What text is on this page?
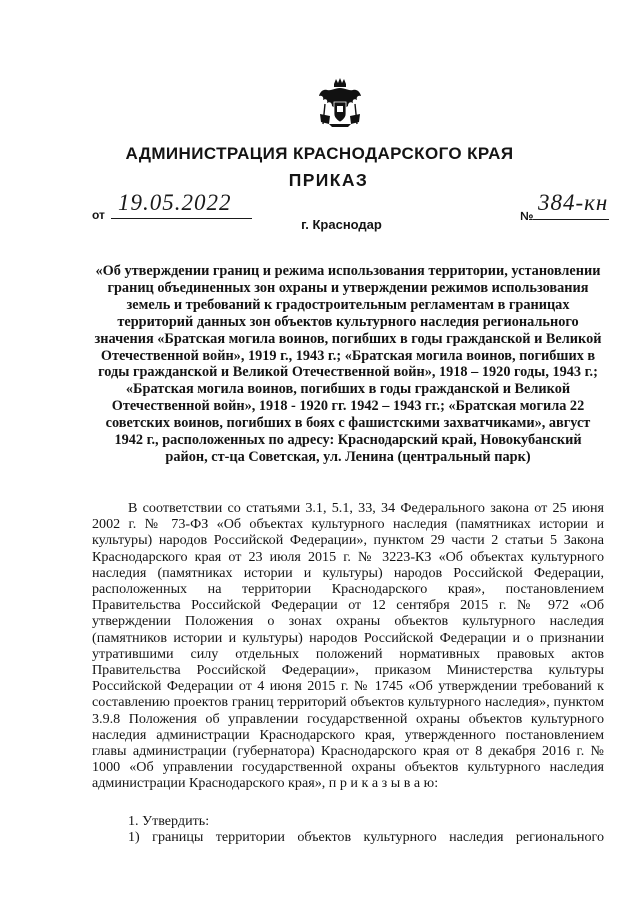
АДМИНИСТРАЦИЯ КРАСНОДАРСКОГО КРАЯ
ПРИКАЗ
от 19.05.2022
г. Краснодар
№
384-кн
«Об утверждении границ и режима использования территории, установлении границ объединенных зон охраны и утверждении режимов использования земель и требований к градостроительным регламентам в границах территорий данных зон объектов культурного наследия регионального значения «Братская могила воинов, погибших в годы гражданской и Великой Отечественной войн», 1919 г., 1943 г.; «Братская могила воинов, погибших в годы гражданской и Великой Отечественной войн», 1918 – 1920 годы, 1943 г.; «Братская могила воинов, погибших в годы гражданской и Великой Отечественной войн», 1918 - 1920 гг. 1942 – 1943 гг.; «Братская могила 22 советских воинов, погибших в боях с фашистскими захватчиками», август 1942 г., расположенных по адресу: Краснодарский край, Новокубанский район, ст-ца Советская, ул. Ленина (центральный парк)

В соответствии со статьями 3.1, 5.1, 33, 34 Федерального закона от 25 июня 2002 г. № 73-ФЗ «Об объектах культурного наследия (памятниках истории и культуры) народов Российской Федерации», пунктом 29 части 2 статьи 5 Закона Краснодарского края от 23 июля 2015 г. № 3223-КЗ «Об объектах культурного наследия (памятниках истории и культуры) народов Российской Федерации, расположенных на территории Краснодарского края», постановлением Правительства Российской Федерации от 12 сентября 2015 г. № 972 «Об утверждении Положения о зонах охраны объектов культурного наследия (памятников истории и культуры) народов Российской Федерации и о признании утратившими силу отдельных положений нормативных правовых актов Правительства Российской Федерации», приказом Министерства культуры Российской Федерации от 4 июня 2015 г. № 1745 «Об утверждении требований к составлению проектов границ территорий объектов культурного наследия», пунктом 3.9.8 Положения об управлении государственной охраны объектов культурного наследия администрации Краснодарского края, утвержденного постановлением главы администрации (губернатора) Краснодарского края от 8 декабря 2016 г. № 1000 «Об управлении государственной охраны объектов культурного наследия администрации Краснодарского края», п р и к а з ы в а ю:

1. Утвердить:
1) границы территории объектов культурного наследия регионального
